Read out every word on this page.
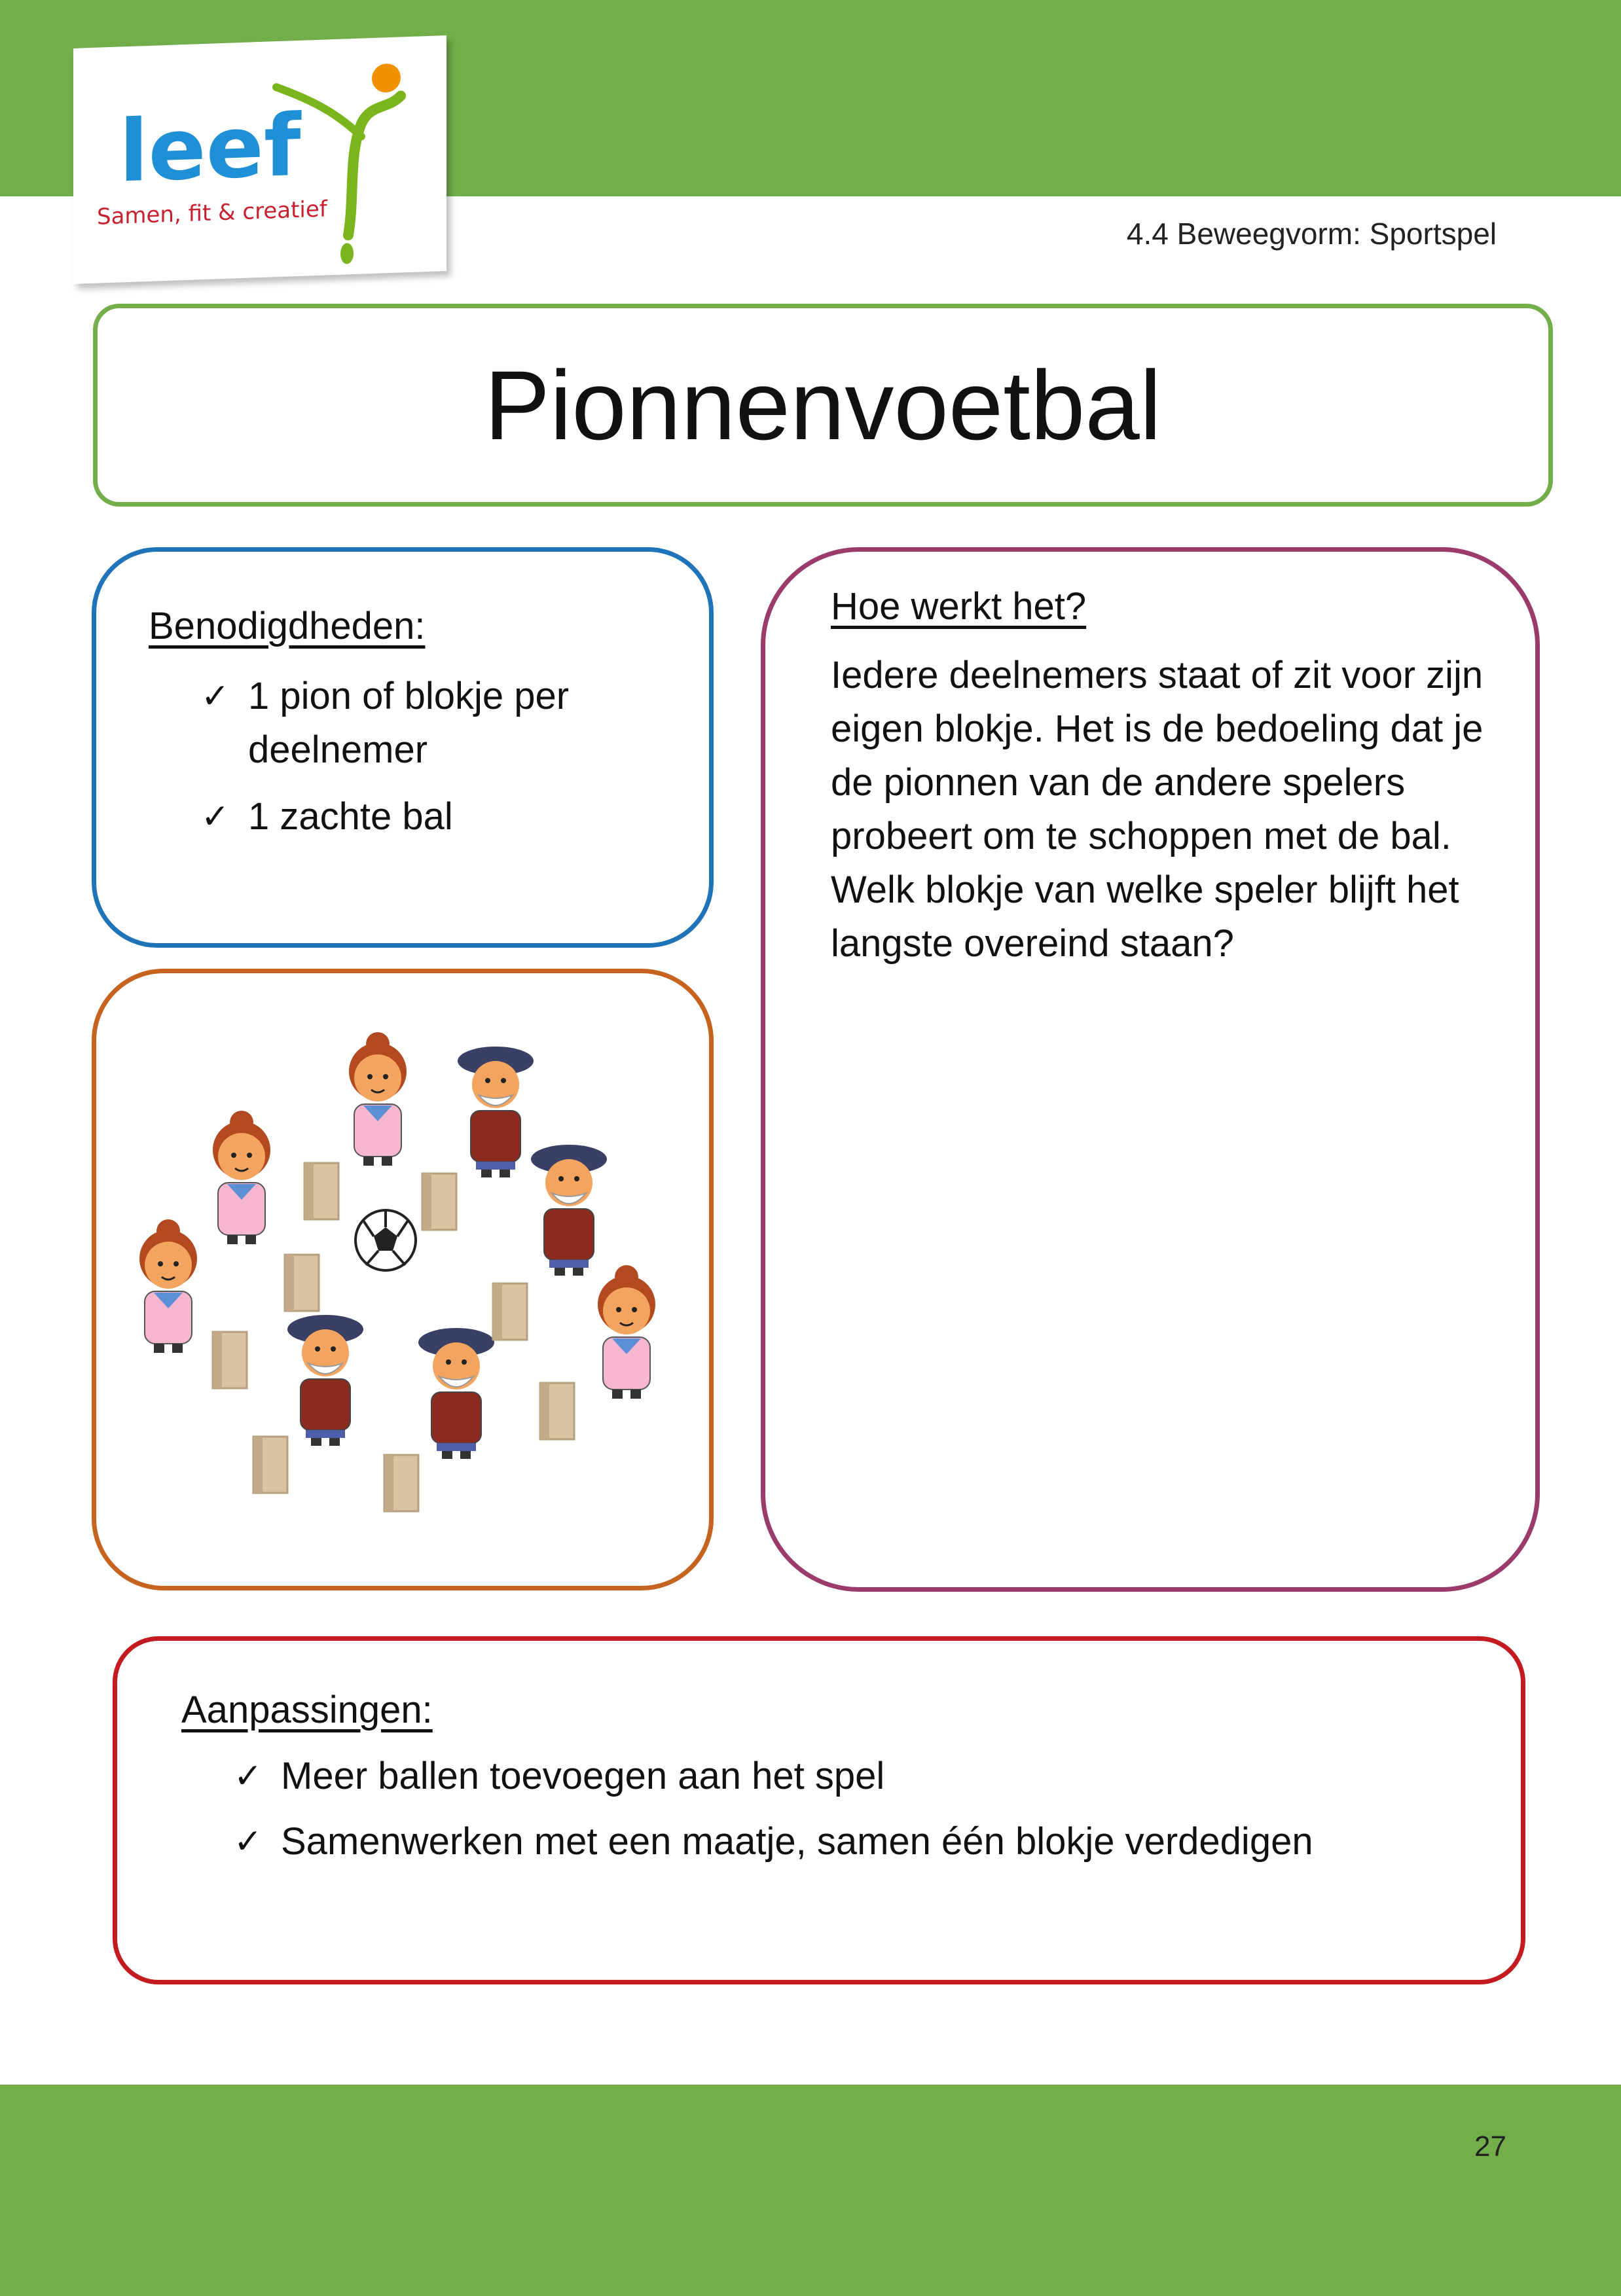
leef
Samen, fit & creatief
4.4 Beweegvorm: Sportspel
Pionnenvoetbal
Benodigdheden:
✓ 1 pion of blokje per deelnemer
✓ 1 zachte bal
Hoe werkt het?
Iedere deelnemers staat of zit voor zijn eigen blokje. Het is de bedoeling dat je de pionnen van de andere spelers probeert om te schoppen met de bal. Welk blokje van welke speler blijft het langste overeind staan?
Aanpassingen:
✓ Meer ballen toevoegen aan het spel
✓ Samenwerken met een maatje, samen één blokje verdedigen
27
